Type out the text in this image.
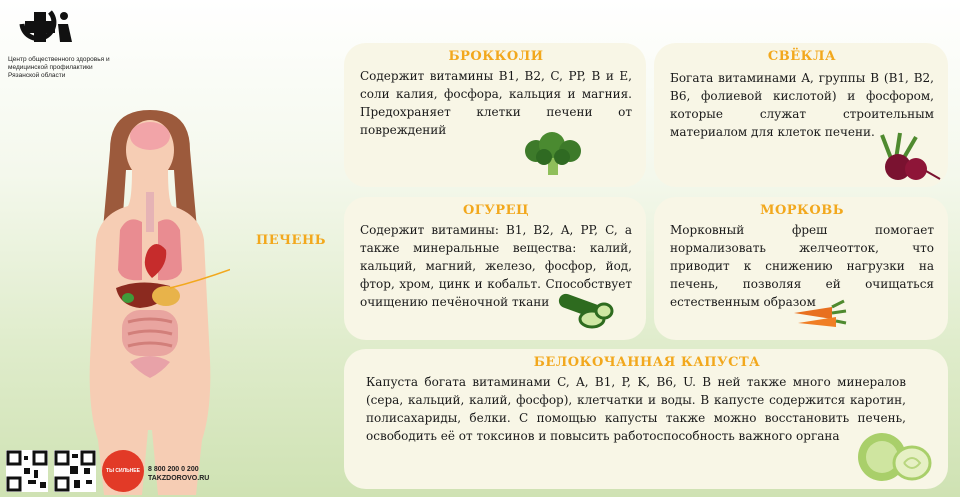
Центр общественного здоровья и медицинской профилактики Рязанской области
ПЕЧЕНЬ
БРОККОЛИ

Содержит витамины B1, B2, C, PP, B и E, соли калия, фосфора, кальция и магния. Предохраняет клетки печени от повреждений

СВЁКЛА

Богата витаминами A, группы B (B1, B2, B6, фолиевой кислотой) и фосфором, которые служат строительным материалом для клеток печени.

ОГУРЕЦ

Содержит витамины: B1, B2, A, PP, C, а также минеральные вещества: калий, кальций, магний, железо, фосфор, йод, фтор, хром, цинк и кобальт. Способствует очищению печёночной ткани

МОРКОВЬ

Морковный фреш помогает нормализовать желчеотток, что приводит к снижению нагрузки на печень, позволяя ей очищаться естественным образом

БЕЛОКОЧАННАЯ КАПУСТА

Капуста богата витаминами C, A, B1, P, K, B6, U. В ней также много минералов (сера, кальций, калий, фосфор), клетчатки и воды. В капусте содержится каротин, полисахариды, белки. С помощью капусты также можно восстановить печень, освободить её от токсинов и повысить работоспособность важного органа

ТЫ СИЛЬНЕЕ	8 800 200 0 200
TAKZDOROVO.RU
